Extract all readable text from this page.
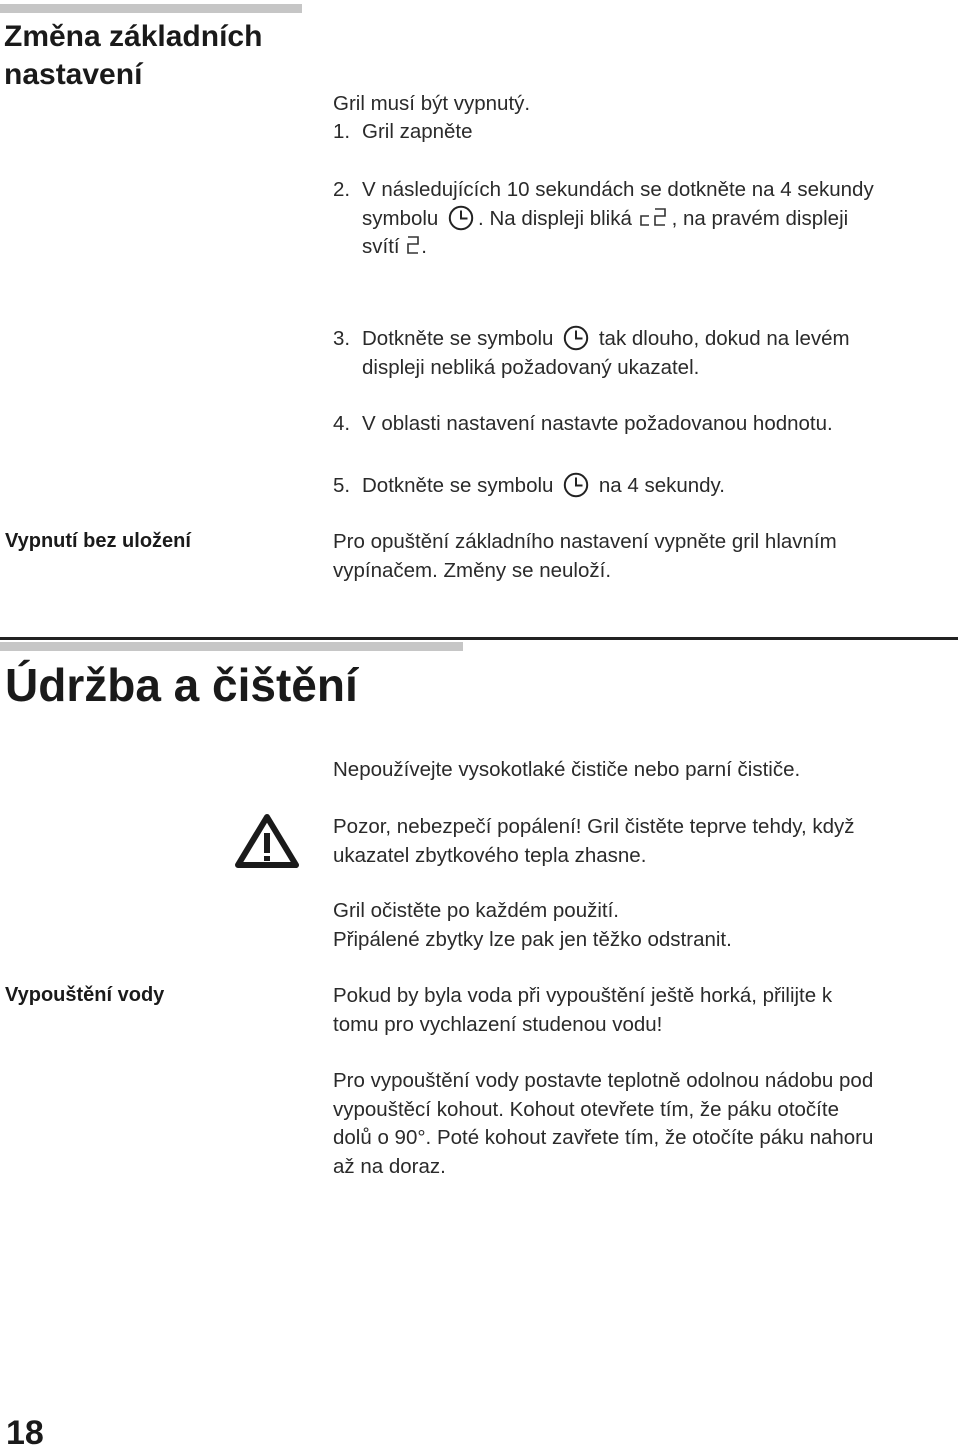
Změna základních
nastavení
Gril musí být vypnutý.
1. Gril zapněte
2. V následujících 10 sekundách se dotkněte na 4 sekundy
symbolu . Na displeji bliká , na pravém displeji
svítí .
3. Dotkněte se symbolu tak dlouho, dokud na levém
displeji nebliká požadovaný ukazatel.
4. V oblasti nastavení nastavte požadovanou hodnotu.
5. Dotkněte se symbolu na 4 sekundy.
Vypnutí bez uložení	Pro opuštění základního nastavení vypněte gril hlavním
vypínačem. Změny se neuloží.
Údržba a čištění
Nepoužívejte vysokotlaké čističe nebo parní čističe.
Pozor, nebezpečí popálení! Gril čistěte teprve tehdy, když
ukazatel zbytkového tepla zhasne.
Gril očistěte po každém použití.
Připálené zbytky lze pak jen těžko odstranit.
Vypouštění vody	Pokud by byla voda při vypouštění ještě horká, přilijte k
tomu pro vychlazení studenou vodu!
Pro vypouštění vody postavte teplotně odolnou nádobu pod
vypouštěcí kohout. Kohout otevřete tím, že páku otočíte
dolů o 90°. Poté kohout zavřete tím, že otočíte páku nahoru
až na doraz.
18
